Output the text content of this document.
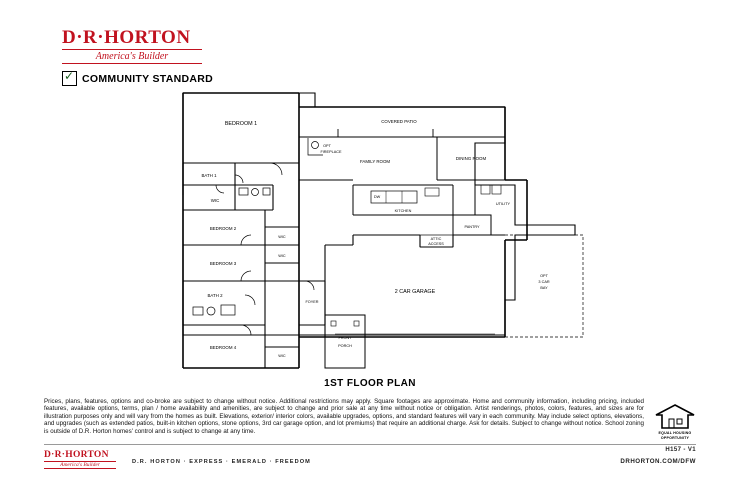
D·R·HORTON
America's Builder
✓
COMMUNITY STANDARD
BEDROOM 1
BATH 1
WIC
BEDROOM 2
WIC
BEDROOM 3
WIC
BATH 2
BEDROOM 4
WIC
FOYER
FRONT
PORCH
2 CAR GARAGE
ATTIC
ACCESS
OPT
3 CAR
BAY
PANTRY
KITCHEN
DW
UTILITY
DINING ROOM
FAMILY ROOM
OPT
FIREPLACE
COVERED PATIO
1ST FLOOR PLAN
Prices, plans, features, options and co-broke are subject to change without notice. Additional restrictions may apply. Square footages are approximate. Home and community information, including pricing, included features, available options, terms, plan / home availability and amenities, are subject to change and prior sale at any time without notice or obligation. Artist renderings, photos, colors, features, and sizes are for illustration purposes only and will vary from the homes as built. Elevations, exterior/ interior colors, available upgrades, options, and standard features will vary in each community. May include select options, elevations, and upgrades (such as extended patios, built-in kitchen options, stone options, 3rd car garage option, and lot premiums) that require an additional charge. Ask for details. Subject to change without notice. School zoning is outside of D.R. Horton homes' control and is subject to change at any time.	EQUAL HOUSING
OPPORTUNITY
D·R·HORTON
America's Builder	D.R. HORTON · EXPRESS · EMERALD · FREEDOM
H157 - V1
DRHORTON.COM/DFW
